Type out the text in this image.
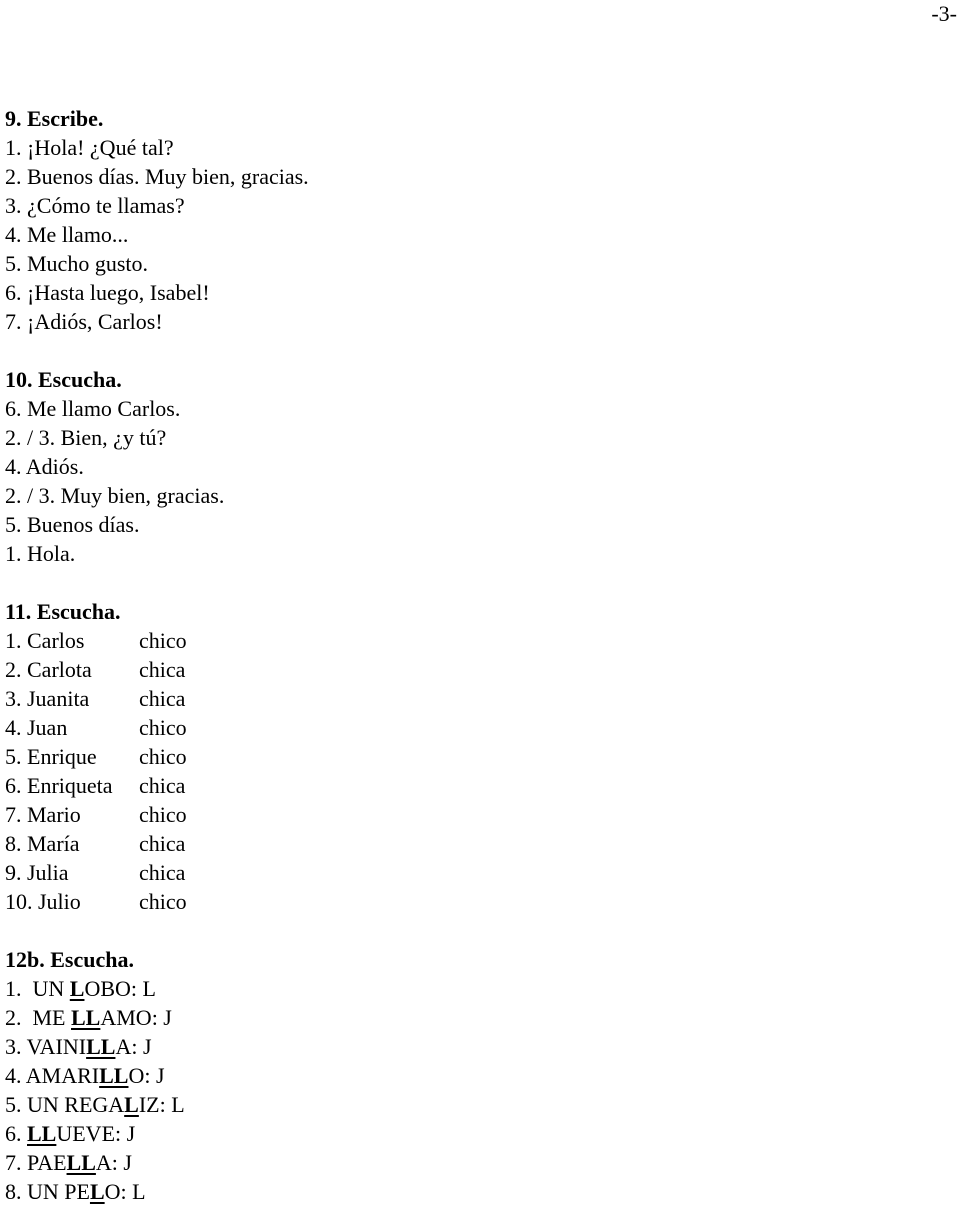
-3-
9. Escribe.
1. ¡Hola! ¿Qué tal?
2. Buenos días. Muy bien, gracias.
3. ¿Cómo te llamas?
4. Me llamo...
5. Mucho gusto.
6. ¡Hasta luego, Isabel!
7. ¡Adiós, Carlos!
10. Escucha.
6. Me llamo Carlos.
2. / 3. Bien, ¿y tú?
4. Adiós.
2. / 3. Muy bien, gracias.
5. Buenos días.
1. Hola.
11. Escucha.
1. Carlos	chico
2. Carlota	chica
3. Juanita	chica
4. Juan	chico
5. Enrique	chico
6. Enriqueta	chica
7. Mario	chico
8. María	chica
9. Julia	chica
10. Julio	chico
12b. Escucha.
1.  UN LOBO: L
2.  ME LLAMO: J
3. VAINILLA: J
4. AMARILLO: J
5. UN REGALIZ: L
6. LLUEVE: J
7. PAELLA: J
8. UN PELO: L
